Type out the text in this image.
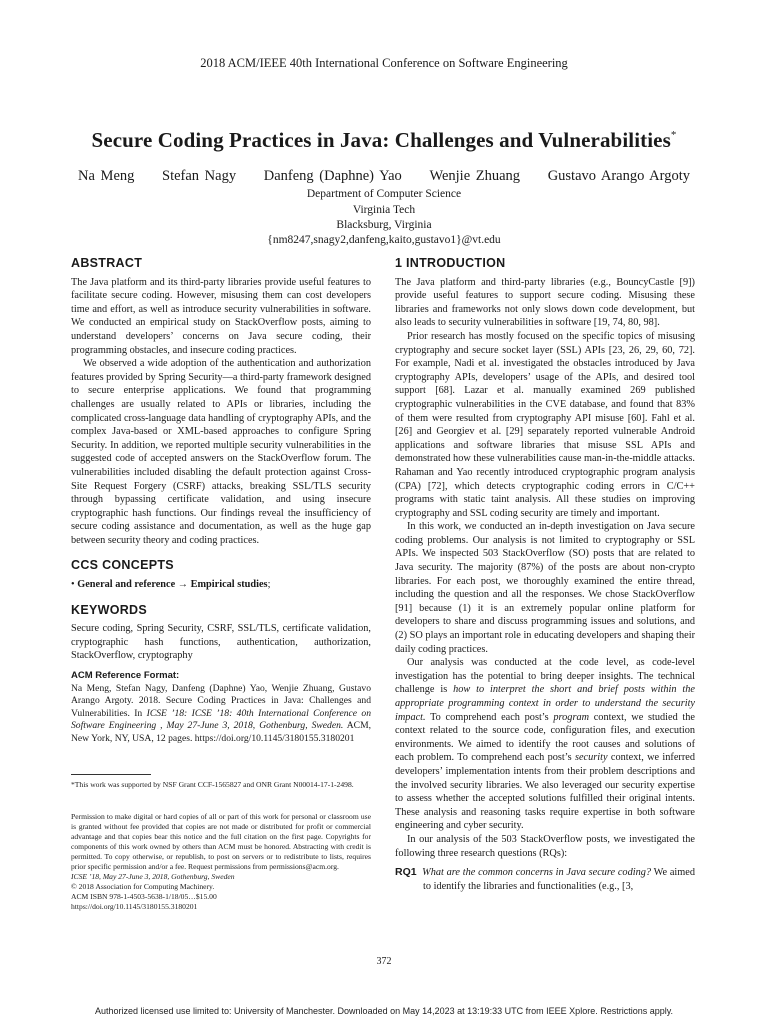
2018 ACM/IEEE 40th International Conference on Software Engineering
Secure Coding Practices in Java: Challenges and Vulnerabilities*
Na Meng Stefan Nagy Danfeng (Daphne) Yao Wenjie Zhuang Gustavo Arango Argoty
Department of Computer Science
Virginia Tech
Blacksburg, Virginia
{nm8247,snagy2,danfeng,kaito,gustavo1}@vt.edu
ABSTRACT

The Java platform and its third-party libraries provide useful features to facilitate secure coding. However, misusing them can cost developers time and effort, as well as introduce security vulnerabilities in software. We conducted an empirical study on StackOverflow posts, aiming to understand developers’ concerns on Java secure coding, their programming obstacles, and insecure coding practices.

We observed a wide adoption of the authentication and authorization features provided by Spring Security—a third-party framework designed to secure enterprise applications. We found that programming challenges are usually related to APIs or libraries, including the complicated cross-language data handling of cryptography APIs, and the complex Java-based or XML-based approaches to configure Spring Security. In addition, we reported multiple security vulnerabilities in the suggested code of accepted answers on the StackOverflow forum. The vulnerabilities included disabling the default protection against Cross-Site Request Forgery (CSRF) attacks, breaking SSL/TLS security through bypassing certificate validation, and using insecure cryptographic hash functions. Our findings reveal the insufficiency of secure coding assistance and documentation, as well as the huge gap between security theory and coding practices.

CCS CONCEPTS
• General and reference → Empirical studies;
KEYWORDS

Secure coding, Spring Security, CSRF, SSL/TLS, certificate validation, cryptographic hash functions, authentication, authorization, StackOverflow, cryptography

ACM Reference Format:
Na Meng, Stefan Nagy, Danfeng (Daphne) Yao, Wenjie Zhuang, Gustavo Arango Argoty. 2018. Secure Coding Practices in Java: Challenges and Vulnerabilities. In ICSE ’18: ICSE ’18: 40th International Conference on Software Engineering , May 27-June 3, 2018, Gothenburg, Sweden. ACM, New York, NY, USA, 12 pages. https://doi.org/10.1145/3180155.3180201
*This work was supported by NSF Grant CCF-1565827 and ONR Grant N00014-17-1-2498.
Permission to make digital or hard copies of all or part of this work for personal or classroom use is granted without fee provided that copies are not made or distributed for profit or commercial advantage and that copies bear this notice and the full citation on the first page. Copyrights for components of this work owned by others than ACM must be honored. Abstracting with credit is permitted. To copy otherwise, or republish, to post on servers or to redistribute to lists, requires prior specific permission and/or a fee. Request permissions from permissions@acm.org.
ICSE ’18, May 27-June 3, 2018, Gothenburg, Sweden
© 2018 Association for Computing Machinery.
ACM ISBN 978-1-4503-5638-1/18/05…$15.00
https://doi.org/10.1145/3180155.3180201
1 INTRODUCTION

The Java platform and third-party libraries (e.g., BouncyCastle [9]) provide useful features to support secure coding. Misusing these libraries and frameworks not only slows down code development, but also leads to security vulnerabilities in software [19, 74, 80, 98].

Prior research has mostly focused on the specific topics of misusing cryptography and secure socket layer (SSL) APIs [23, 26, 29, 60, 72]. For example, Nadi et al. investigated the obstacles introduced by Java cryptography APIs, developers’ usage of the APIs, and desired tool support [68]. Lazar et al. manually examined 269 published cryptographic vulnerabilities in the CVE database, and found that 83% of them were resulted from cryptography API misuse [60]. Fahl et al. [26] and Georgiev et al. [29] separately reported vulnerable Android applications and software libraries that misuse SSL APIs and demonstrated how these vulnerabilities cause man-in-the-middle attacks. Rahaman and Yao recently introduced cryptographic program analysis (CPA) [72], which detects cryptographic coding errors in C/C++ programs with static taint analysis. All these studies on improving cryptography and SSL coding security are timely and important.

In this work, we conducted an in-depth investigation on Java secure coding problems. Our analysis is not limited to cryptography or SSL APIs. We inspected 503 StackOverflow (SO) posts that are related to Java security. The majority (87%) of the posts are about non-crypto libraries. For each post, we thoroughly examined the entire thread, including the question and all the responses. We chose StackOverflow [91] because (1) it is an extremely popular online platform for developers to share and discuss programming issues and solutions, and (2) SO plays an important role in educating developers and shaping their daily coding practices.

Our analysis was conducted at the code level, as code-level investigation has the potential to bring deeper insights. The technical challenge is how to interpret the short and brief posts within the appropriate programming context in order to understand the security impact. To comprehend each post’s program context, we studied the context related to the source code, configuration files, and execution environments. We aimed to identify the root causes and solutions of each problem. To comprehend each post’s security context, we inferred developers’ implementation intents from their problem descriptions and the involved security libraries. We also leveraged our security expertise to assess whether the accepted solutions fulfilled their original intents. These analysis and reasoning tasks require expertise in both software engineering and cyber security.

In our analysis of the 503 StackOverflow posts, we investigated the following three research questions (RQs):

RQ1 What are the common concerns in Java secure coding? We aimed to identify the libraries and functionalities (e.g., [3,
372
Authorized licensed use limited to: University of Manchester. Downloaded on May 14,2023 at 13:19:33 UTC from IEEE Xplore. Restrictions apply.
